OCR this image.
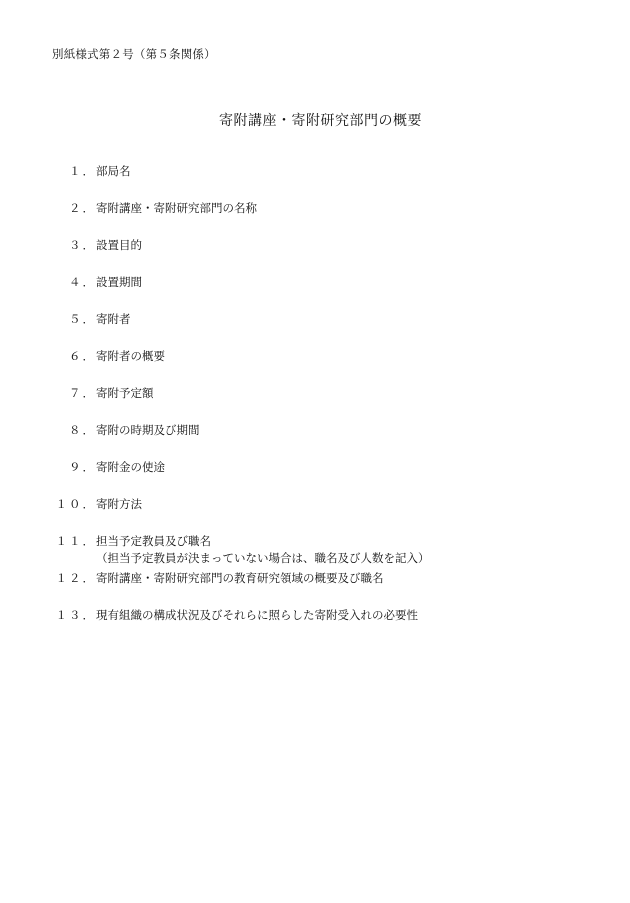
別紙様式第２号（第５条関係）
寄附講座・寄附研究部門の概要
１． 部局名
２． 寄附講座・寄附研究部門の名称
３． 設置目的
４． 設置期間
５． 寄附者
６． 寄附者の概要
７． 寄附予定額
８． 寄附の時期及び期間
９． 寄附金の使途
１０． 寄附方法
１１． 担当予定教員及び職名
（担当予定教員が決まっていない場合は、職名及び人数を記入）
１２． 寄附講座・寄附研究部門の教育研究領域の概要及び職名
１３． 現有組織の構成状況及びそれらに照らした寄附受入れの必要性
